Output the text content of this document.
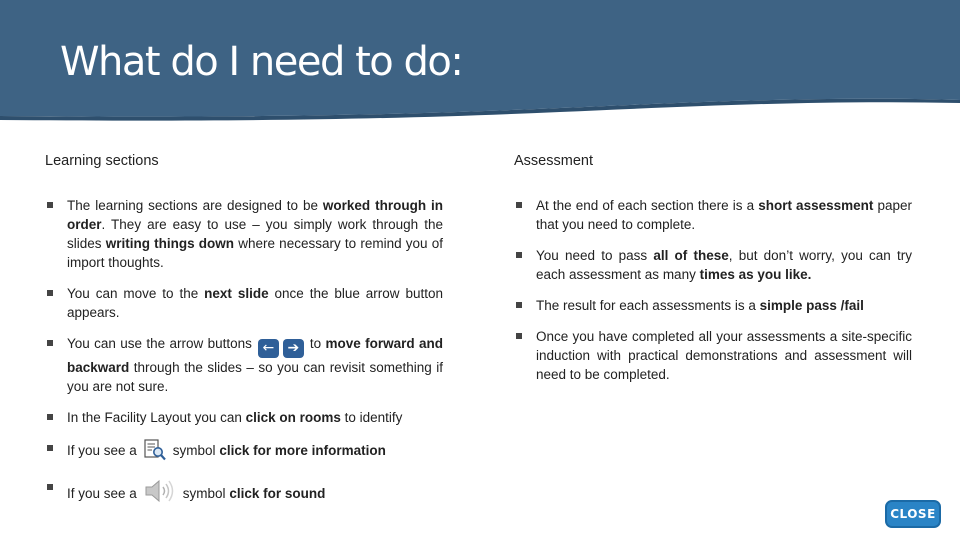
What do I need to do:
Learning sections
The learning sections are designed to be worked through in order. They are easy to use – you simply work through the slides writing things down where necessary to remind you of import thoughts.
You can move to the next slide once the blue arrow button appears.
You can use the arrow buttons ← ➔ to move forward and backward through the slides – so you can revisit something if you are not sure.
In the Facility Layout you can click on rooms to identify
If you see a	symbol click for more information
If you see a	symbol click for sound
Assessment
At the end of each section there is a short assessment paper that you need to complete.
You need to pass all of these, but don’t worry, you can try each assessment as many times as you like.
The result for each assessments is a simple pass /fail
Once you have completed all your assessments a site-specific induction with practical demonstrations and assessment will need to be completed.
CLOSE
